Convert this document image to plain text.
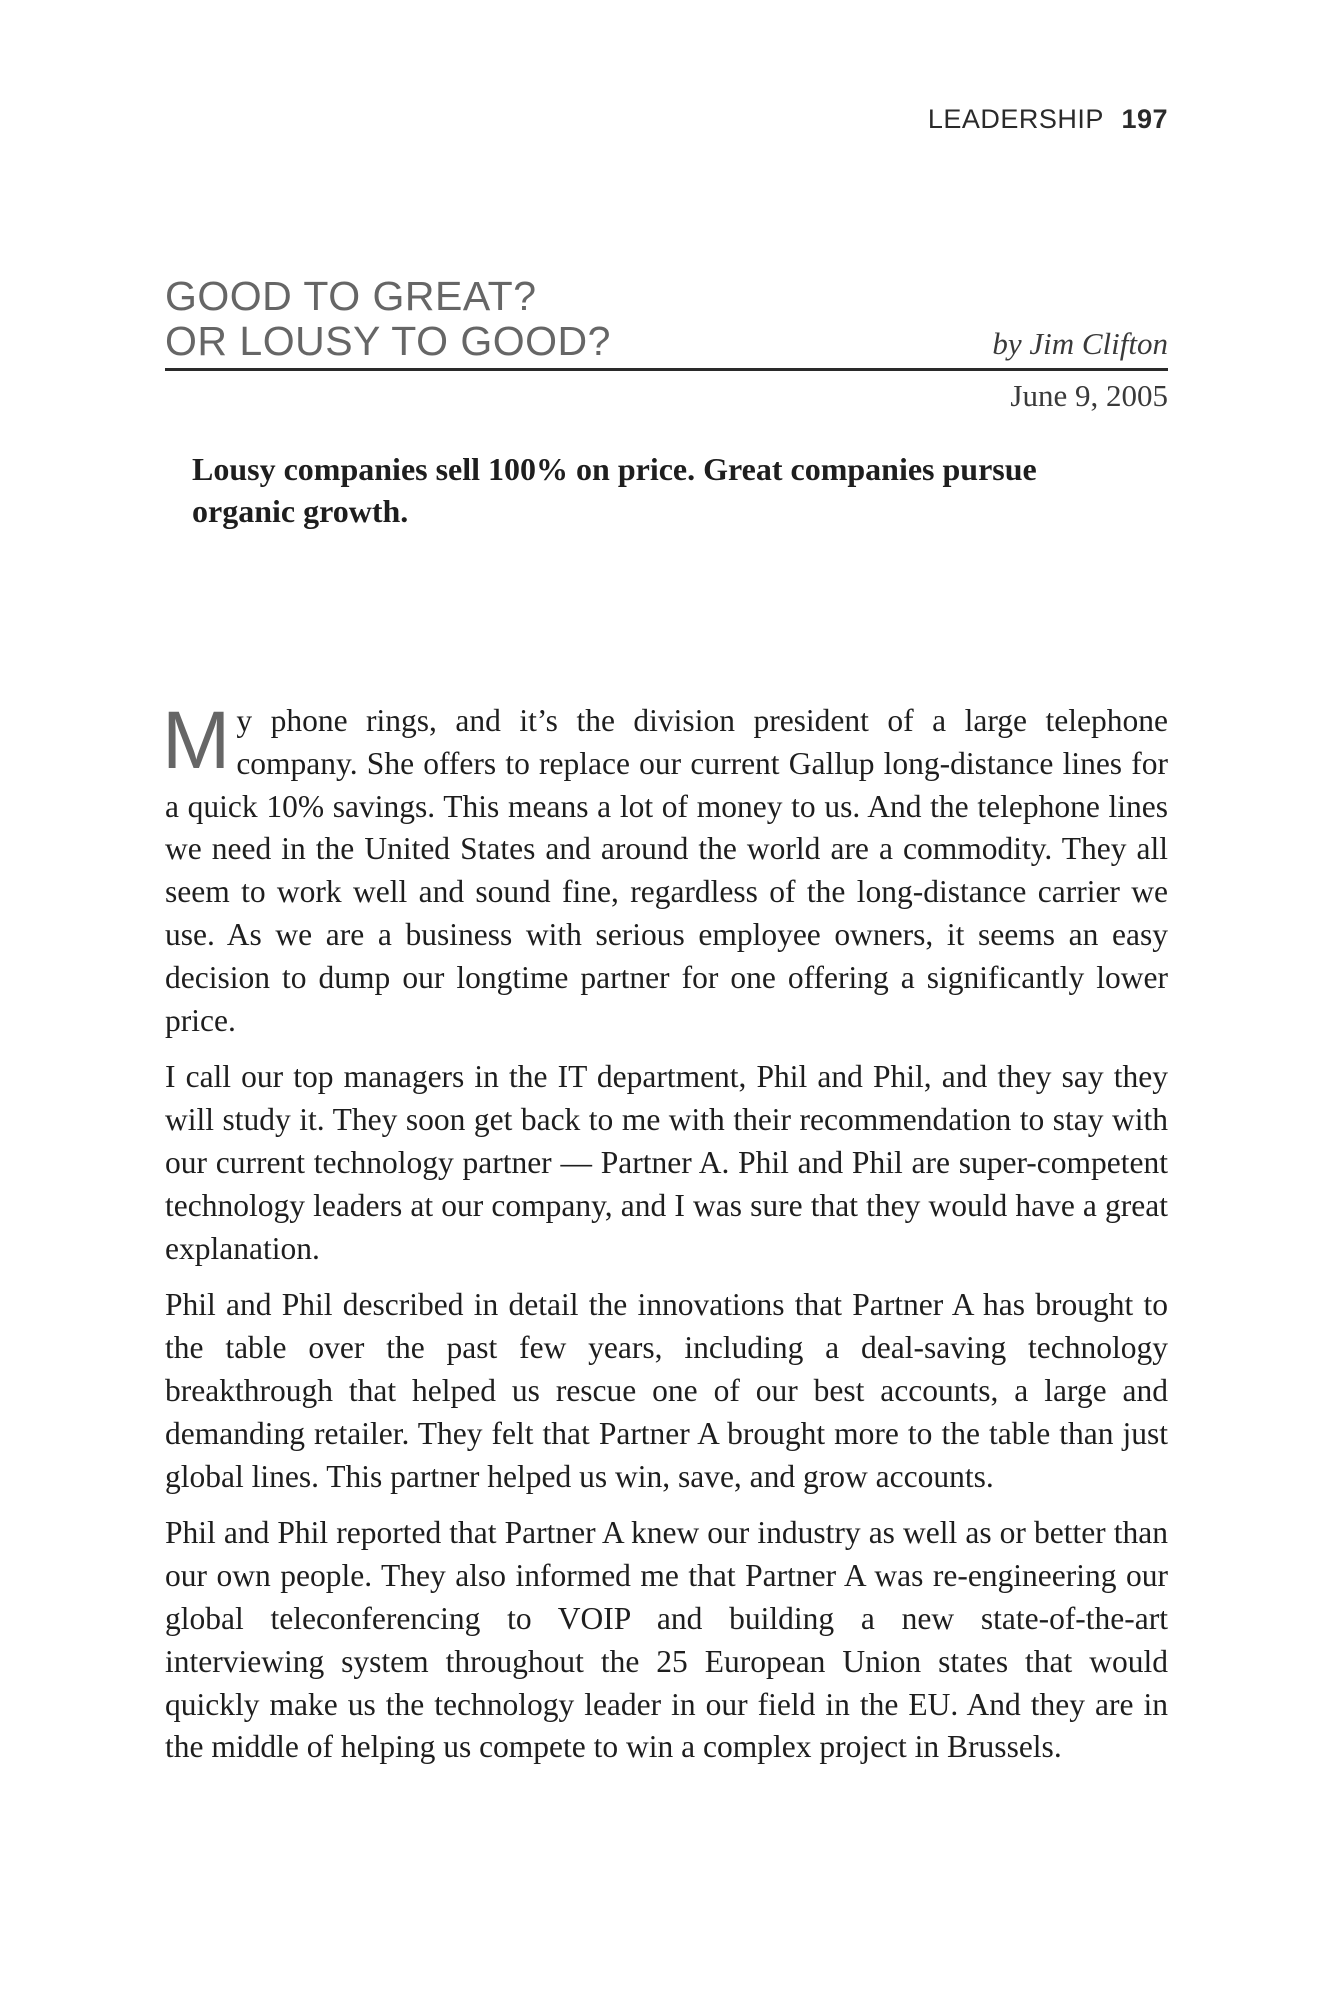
LEADERSHIP 197
GOOD TO GREAT?
OR LOUSY TO GOOD?	by Jim Clifton
June 9, 2005
Lousy companies sell 100% on price. Great companies pursue organic growth.

My phone rings, and it’s the division president of a large telephone company. She offers to replace our current Gallup long-distance lines for a quick 10% savings. This means a lot of money to us. And the telephone lines we need in the United States and around the world are a commodity. They all seem to work well and sound fine, regardless of the long-distance carrier we use. As we are a business with serious employee owners, it seems an easy decision to dump our longtime partner for one offering a significantly lower price.

I call our top managers in the IT department, Phil and Phil, and they say they will study it. They soon get back to me with their recommendation to stay with our current technology partner — Partner A. Phil and Phil are super-competent technology leaders at our company, and I was sure that they would have a great explanation.

Phil and Phil described in detail the innovations that Partner A has brought to the table over the past few years, including a deal-saving technology breakthrough that helped us rescue one of our best accounts, a large and demanding retailer. They felt that Partner A brought more to the table than just global lines. This partner helped us win, save, and grow accounts.

Phil and Phil reported that Partner A knew our industry as well as or better than our own people. They also informed me that Partner A was re-engineering our global teleconferencing to VOIP and building a new state-of-the-art interviewing system throughout the 25 European Union states that would quickly make us the technology leader in our field in the EU. And they are in the middle of helping us compete to win a complex project in Brussels.
